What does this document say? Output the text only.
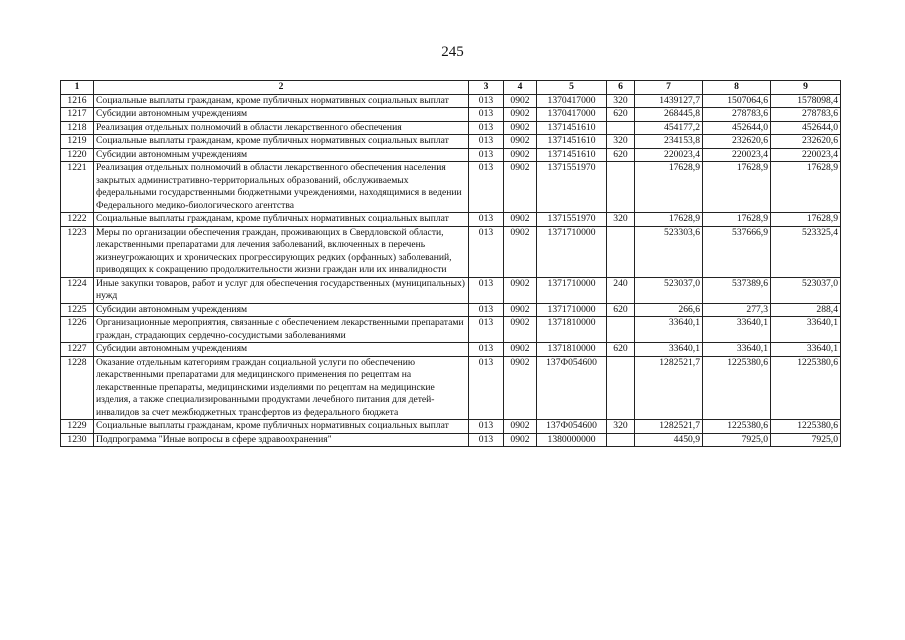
245
1	2	3	4	5	6	7	8	9
1216	Социальные выплаты гражданам, кроме публичных нормативных социальных выплат	013	0902	1370417000	320	1439127,7	1507064,6	1578098,4
1217	Субсидии автономным учреждениям	013	0902	1370417000	620	268445,8	278783,6	278783,6
1218	Реализация отдельных полномочий в области лекарственного обеспечения	013	0902	1371451610		454177,2	452644,0	452644,0
1219	Социальные выплаты гражданам, кроме публичных нормативных социальных выплат	013	0902	1371451610	320	234153,8	232620,6	232620,6
1220	Субсидии автономным учреждениям	013	0902	1371451610	620	220023,4	220023,4	220023,4
1221	Реализация отдельных полномочий в области лекарственного обеспечения населения закрытых административно-территориальных образований, обслуживаемых федеральными государственными бюджетными учреждениями, находящимися в ведении Федерального медико-биологического агентства	013	0902	1371551970		17628,9	17628,9	17628,9
1222	Социальные выплаты гражданам, кроме публичных нормативных социальных выплат	013	0902	1371551970	320	17628,9	17628,9	17628,9
1223	Меры по организации обеспечения граждан, проживающих в Свердловской области, лекарственными препаратами для лечения заболеваний, включенных в перечень жизнеугрожающих и хронических прогрессирующих редких (орфанных) заболеваний, приводящих к сокращению продолжительности жизни граждан или их инвалидности	013	0902	1371710000		523303,6	537666,9	523325,4
1224	Иные закупки товаров, работ и услуг для обеспечения государственных (муниципальных) нужд	013	0902	1371710000	240	523037,0	537389,6	523037,0
1225	Субсидии автономным учреждениям	013	0902	1371710000	620	266,6	277,3	288,4
1226	Организационные мероприятия, связанные с обеспечением лекарственными препаратами граждан, страдающих сердечно-сосудистыми заболеваниями	013	0902	1371810000		33640,1	33640,1	33640,1
1227	Субсидии автономным учреждениям	013	0902	1371810000	620	33640,1	33640,1	33640,1
1228	Оказание отдельным категориям граждан социальной услуги по обеспечению лекарственными препаратами для медицинского применения по рецептам на лекарственные препараты, медицинскими изделиями по рецептам на медицинские изделия, а также специализированными продуктами лечебного питания для детей-инвалидов за счет межбюджетных трансфертов из федерального бюджета	013	0902	137Ф054600		1282521,7	1225380,6	1225380,6
1229	Социальные выплаты гражданам, кроме публичных нормативных социальных выплат	013	0902	137Ф054600	320	1282521,7	1225380,6	1225380,6
1230	Подпрограмма "Иные вопросы в сфере здравоохранения"	013	0902	1380000000		4450,9	7925,0	7925,0
